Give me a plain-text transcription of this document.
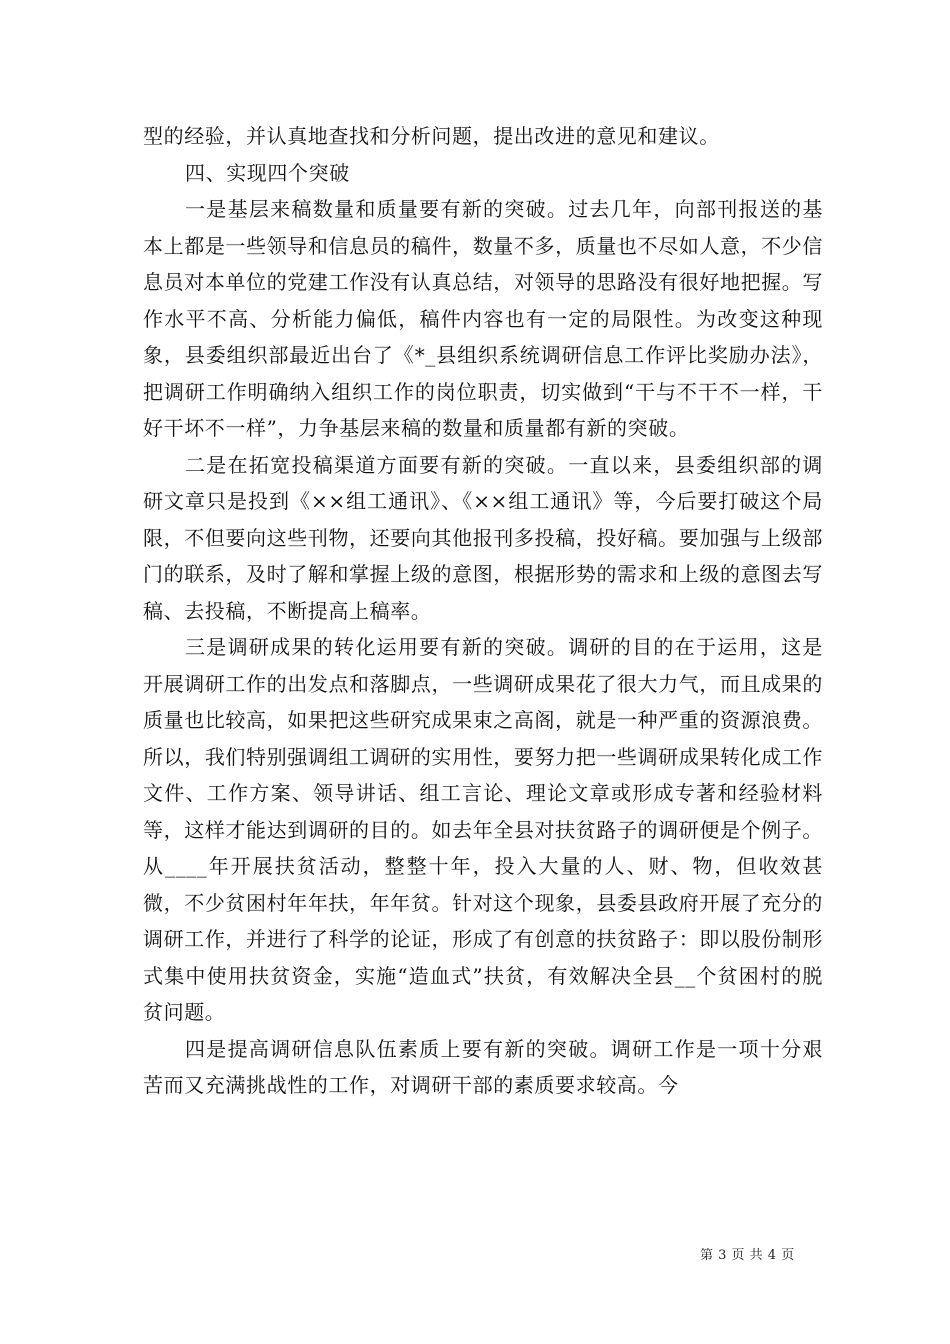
型的经验，并认真地查找和分析问题，提出改进的意见和建议。

四、实现四个突破

一是基层来稿数量和质量要有新的突破。过去几年，向部刊报送的基本上都是一些领导和信息员的稿件，数量不多，质量也不尽如人意，不少信息员对本单位的党建工作没有认真总结，对领导的思路没有很好地把握。写作水平不高、分析能力偏低，稿件内容也有一定的局限性。为改变这种现象，县委组织部最近出台了《*_县组织系统调研信息工作评比奖励办法》，把调研工作明确纳入组织工作的岗位职责，切实做到“干与不干不一样，干好干坏不一样”，力争基层来稿的数量和质量都有新的突破。

二是在拓宽投稿渠道方面要有新的突破。一直以来，县委组织部的调研文章只是投到《××组工通讯》、《××组工通讯》等，今后要打破这个局限，不但要向这些刊物，还要向其他报刊多投稿，投好稿。要加强与上级部门的联系，及时了解和掌握上级的意图，根据形势的需求和上级的意图去写稿、去投稿，不断提高上稿率。

三是调研成果的转化运用要有新的突破。调研的目的在于运用，这是开展调研工作的出发点和落脚点，一些调研成果花了很大力气，而且成果的质量也比较高，如果把这些研究成果束之高阁，就是一种严重的资源浪费。所以，我们特别强调组工调研的实用性，要努力把一些调研成果转化成工作文件、工作方案、领导讲话、组工言论、理论文章或形成专著和经验材料等，这样才能达到调研的目的。如去年全县对扶贫路子的调研便是个例子。从____年开展扶贫活动，整整十年，投入大量的人、财、物，但收效甚微，不少贫困村年年扶，年年贫。针对这个现象，县委县政府开展了充分的调研工作，并进行了科学的论证，形成了有创意的扶贫路子：即以股份制形式集中使用扶贫资金，实施“造血式”扶贫，有效解决全县__个贫困村的脱贫问题。

四是提高调研信息队伍素质上要有新的突破。调研工作是一项十分艰苦而又充满挑战性的工作，对调研干部的素质要求较高。今

第 3 页 共 4 页
